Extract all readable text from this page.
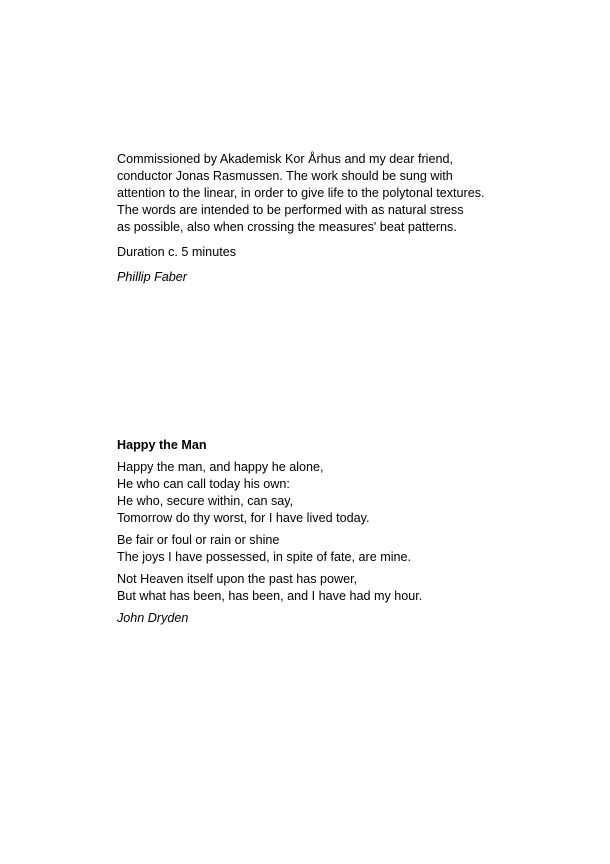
Commissioned by Akademisk Kor Århus and my dear friend,
conductor Jonas Rasmussen. The work should be sung with
attention to the linear, in order to give life to the polytonal textures.
The words are intended to be performed with as natural stress
as possible, also when crossing the measures' beat patterns.

Duration c. 5 minutes

Phillip Faber

Happy the Man

Happy the man, and happy he alone,
He who can call today his own:
He who, secure within, can say,
Tomorrow do thy worst, for I have lived today.

Be fair or foul or rain or shine
The joys I have possessed, in spite of fate, are mine.

Not Heaven itself upon the past has power,
But what has been, has been, and I have had my hour.

John Dryden
